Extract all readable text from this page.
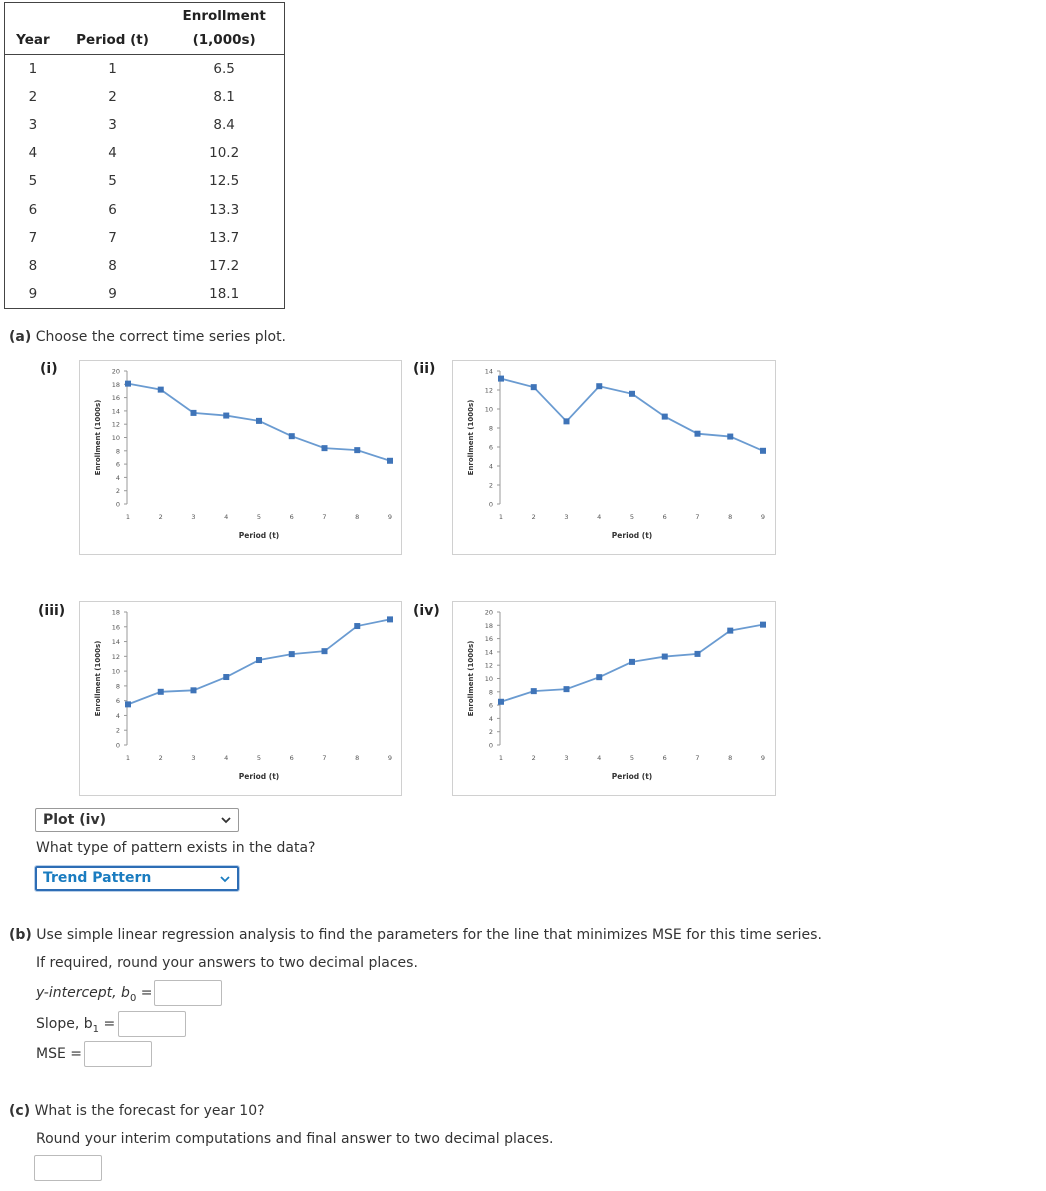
Year	Period (t)	Enrollment
(1,000s)

1	1	6.5
2	2	8.1
3	3	8.4
4	4	10.2
5	5	12.5
6	6	13.3
7	7	13.7
8	8	17.2
9	9	18.1
(a) Choose the correct time series plot.
(i)	(ii)
(iii)	(iv)
0
2
4
6
8
10
12
14
16
18
20
1	2	3	4	5	6	7	8	9
Period (t)
Enrollment (1000s)
0
2
4
6
8
10
12
14
1	2	3	4	5	6	7	8	9
Period (t)
Enrollment (1000s)
0
2
4
6
8
10
12
14
16
18
1	2	3	4	5	6	7	8	9
Period (t)
Enrollment (1000s)
0
2
4
6
8
10
12
14
16
18
20
1	2	3	4	5	6	7	8	9
Period (t)
Enrollment (1000s)
Plot (iv)
What type of pattern exists in the data?
Trend Pattern
(b) Use simple linear regression analysis to find the parameters for the line that minimizes MSE for this time series.
If required, round your answers to two decimal places.
y-intercept, $b_0$ =
Slope, $b_1$ =
MSE =
(c) What is the forecast for year 10?
Round your interim computations and final answer to two decimal places.
